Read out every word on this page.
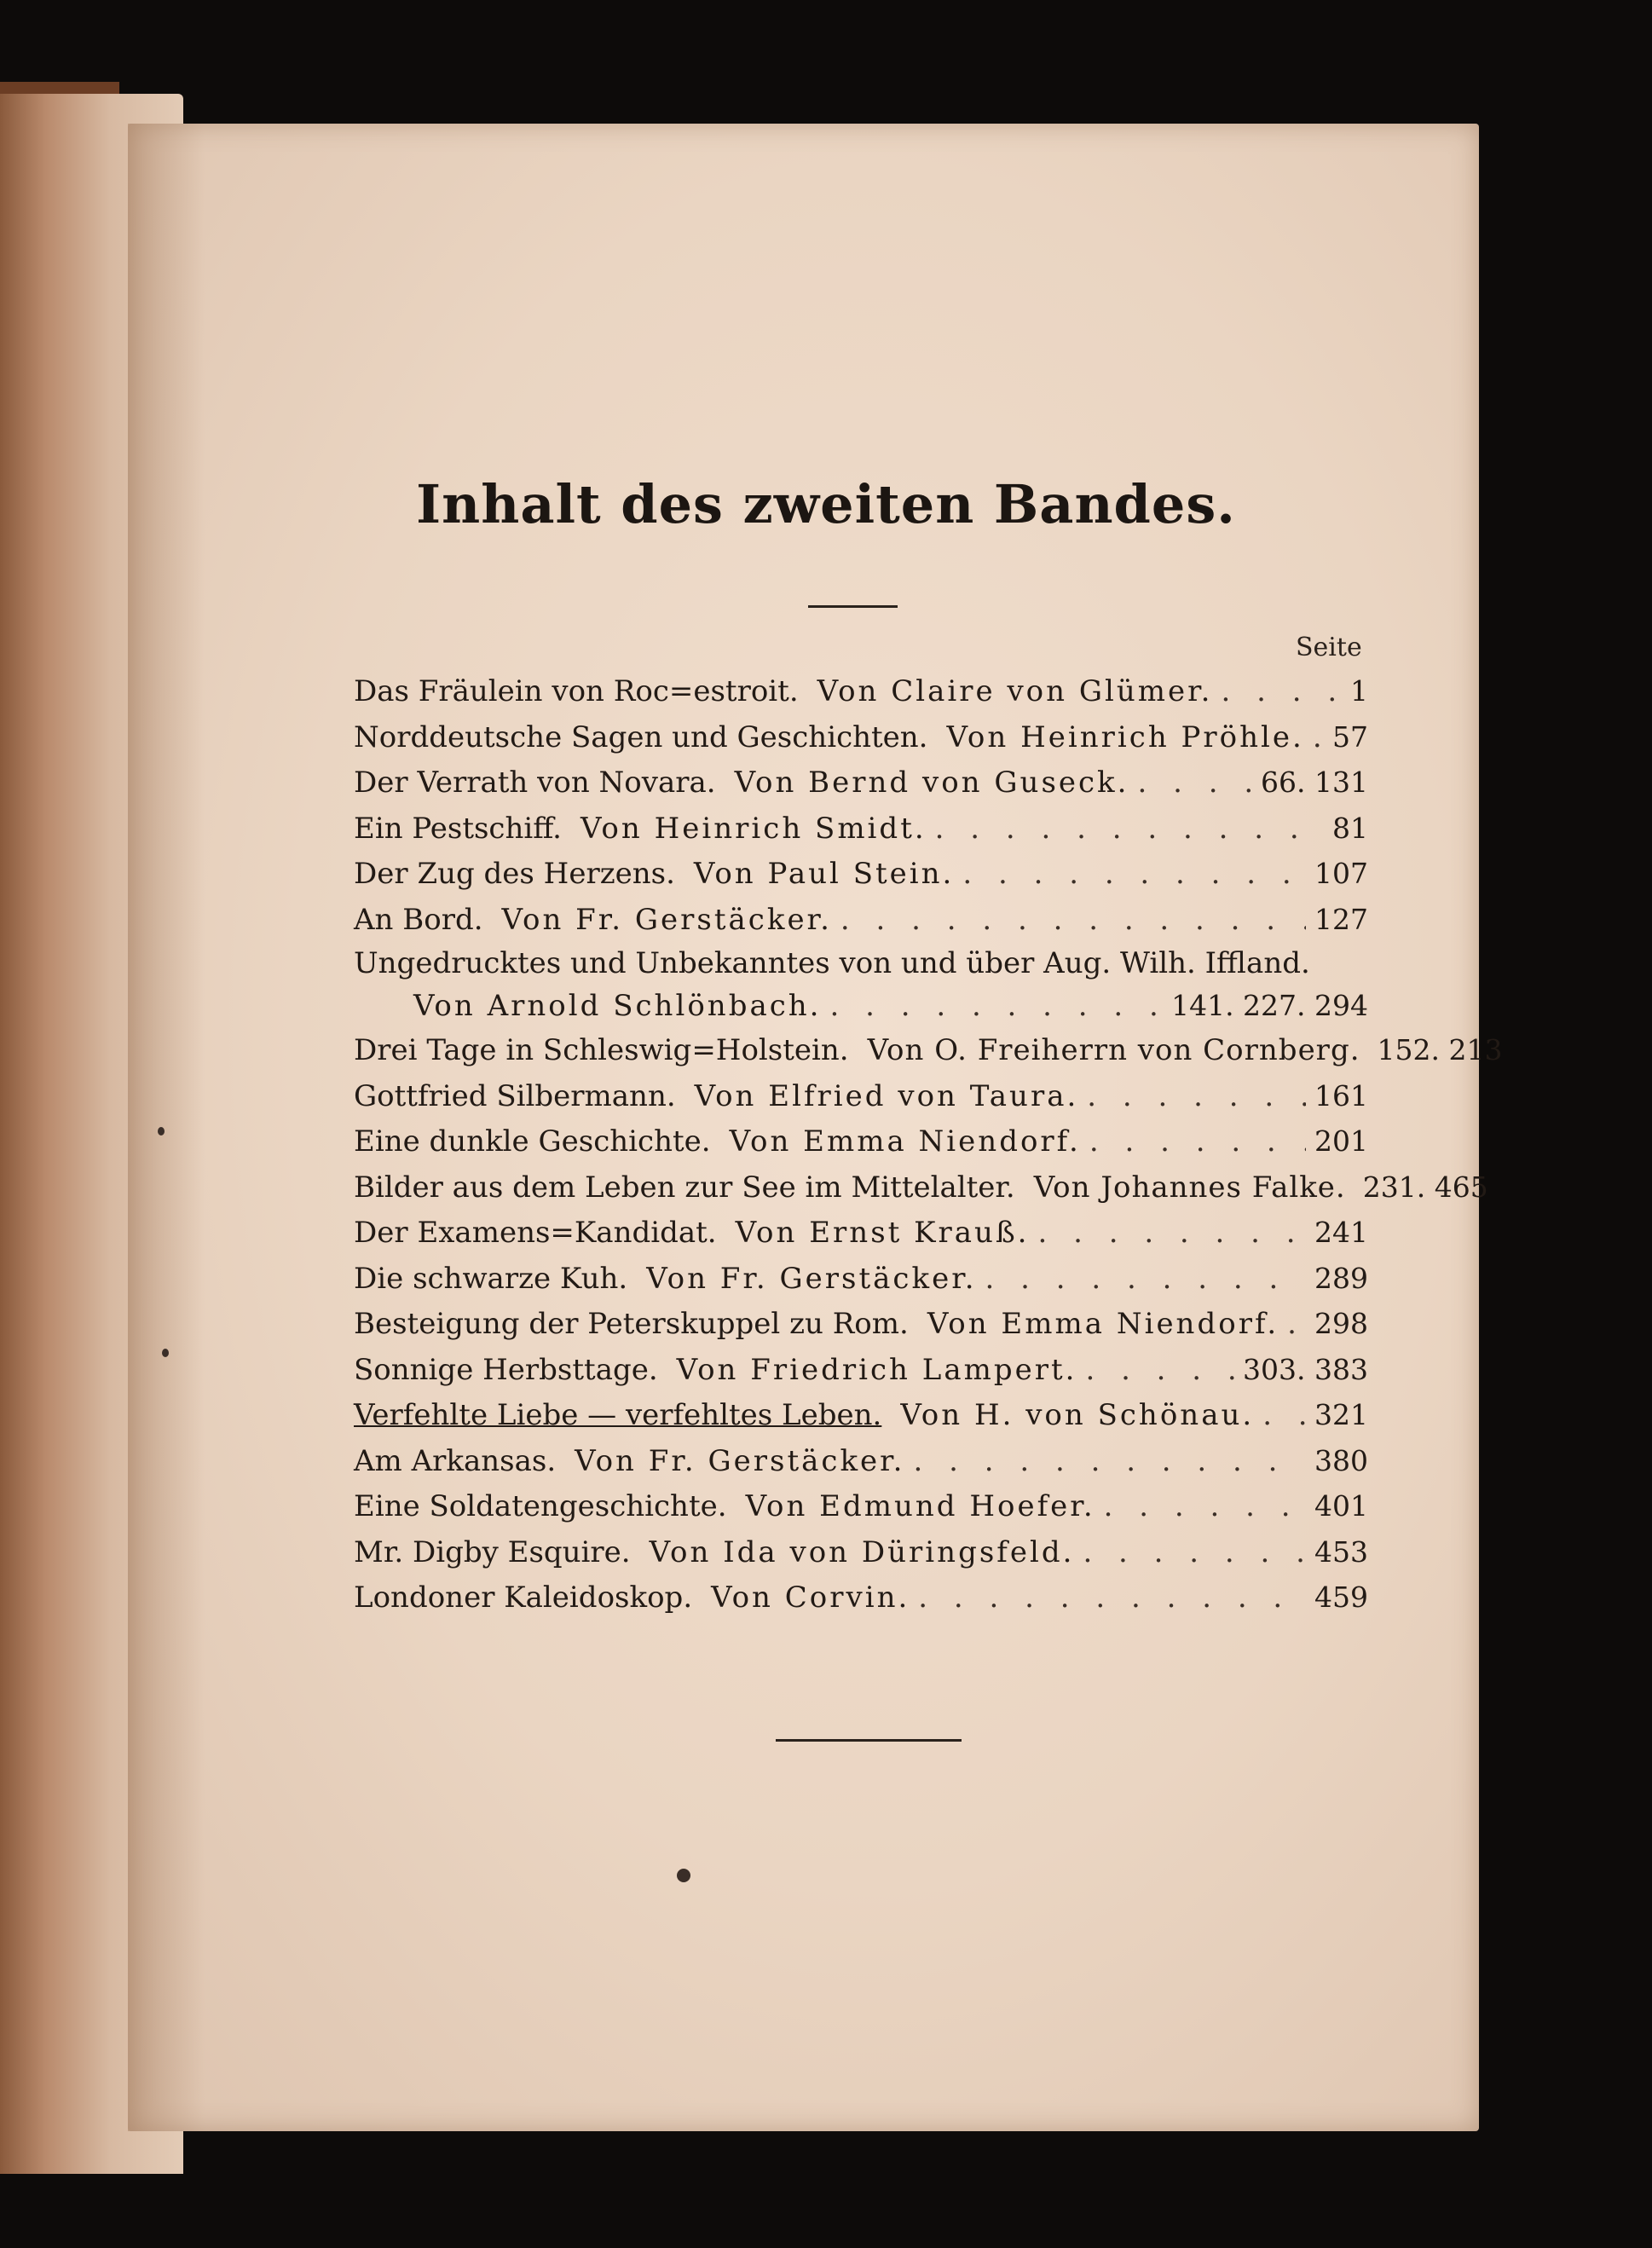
Inhalt des zweiten Bandes.
Seite
Das Fräulein von Roc=estroit. Von Claire von Glümer. . . .	1
Norddeutsche Sagen und Geschichten. Von Heinrich Pröhle. . . . 57
Der Verrath von Novara. Von Bernd von Guseck. . . .	66. 131
Ein Pestschiff. Von Heinrich Smidt. . . .	81
Der Zug des Herzens. Von Paul Stein. . . .	107
An Bord. Von Fr. Gerstäcker. . . .	127
Ungedrucktes und Unbekanntes von und über Aug. Wilh. Iffland.
Von Arnold Schlönbach. . . .	141. 227. 294
Drei Tage in Schleswig=Holstein. Von O. Freiherrn von Cornberg. 152. 213
Gottfried Silbermann. Von Elfried von Taura. . . .	161
Eine dunkle Geschichte. Von Emma Niendorf. . . .	201
Bilder aus dem Leben zur See im Mittelalter. Von Johannes Falke. 231. 465
Der Examens=Kandidat. Von Ernst Krauß. . . .	241
Die schwarze Kuh. Von Fr. Gerstäcker. . . .	289
Besteigung der Peterskuppel zu Rom. Von Emma Niendorf. . . . 298
Sonnige Herbsttage. Von Friedrich Lampert. . . .	303. 383
Verfehlte Liebe — verfehltes Leben. Von H. von Schönau. . . . 321
Am Arkansas. Von Fr. Gerstäcker. . . .	380
Eine Soldatengeschichte. Von Edmund Hoefer. . . .	401
Mr. Digby Esquire. Von Ida von Düringsfeld. . . .	453
Londoner Kaleidoskop. Von Corvin. . . .	459
